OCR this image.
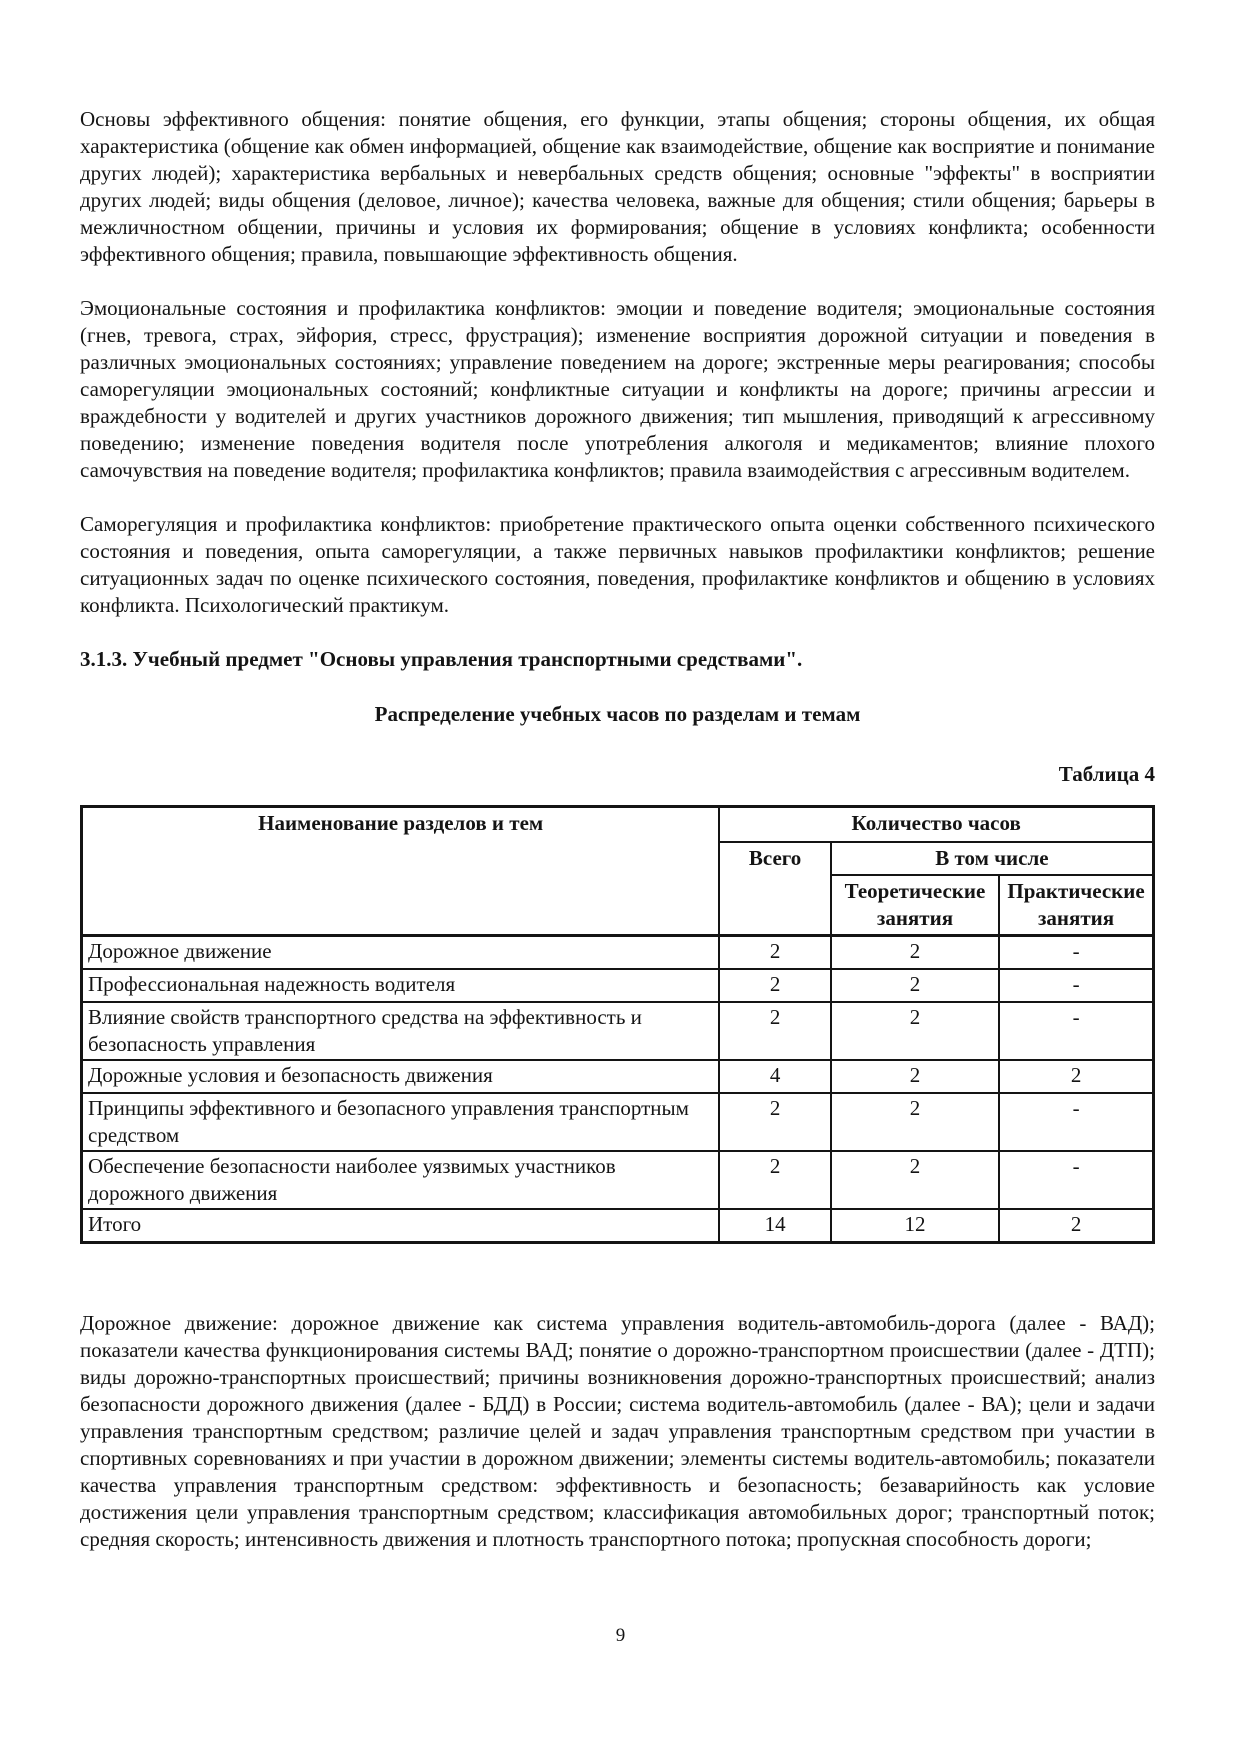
Основы эффективного общения: понятие общения, его функции, этапы общения; стороны общения, их общая характеристика (общение как обмен информацией, общение как взаимодействие, общение как восприятие и понимание других людей); характеристика вербальных и невербальных средств общения; основные "эффекты" в восприятии других людей; виды общения (деловое, личное); качества человека, важные для общения; стили общения; барьеры в межличностном общении, причины и условия их формирования; общение в условиях конфликта; особенности эффективного общения; правила, повышающие эффективность общения.

Эмоциональные состояния и профилактика конфликтов: эмоции и поведение водителя; эмоциональные состояния (гнев, тревога, страх, эйфория, стресс, фрустрация); изменение восприятия дорожной ситуации и поведения в различных эмоциональных состояниях; управление поведением на дороге; экстренные меры реагирования; способы саморегуляции эмоциональных состояний; конфликтные ситуации и конфликты на дороге; причины агрессии и враждебности у водителей и других участников дорожного движения; тип мышления, приводящий к агрессивному поведению; изменение поведения водителя после употребления алкоголя и медикаментов; влияние плохого самочувствия на поведение водителя; профилактика конфликтов; правила взаимодействия с агрессивным водителем.

Саморегуляция и профилактика конфликтов: приобретение практического опыта оценки собственного психического состояния и поведения, опыта саморегуляции, а также первичных навыков профилактики конфликтов; решение ситуационных задач по оценке психического состояния, поведения, профилактике конфликтов и общению в условиях конфликта. Психологический практикум.

3.1.3. Учебный предмет "Основы управления транспортными средствами".

Распределение учебных часов по разделам и темам

Таблица 4

Наименование разделов и тем	Количество часов		
	Всего	В том числе	
		Теоретические занятия	Практические занятия
Дорожное движение	2	2	-
Профессиональная надежность водителя	2	2	-
Влияние свойств транспортного средства на эффективность и безопасность управления	2	2	-
Дорожные условия и безопасность движения	4	2	2
Принципы эффективного и безопасного управления транспортным средством	2	2	-
Обеспечение безопасности наиболее уязвимых участников дорожного движения	2	2	-
Итого	14	12	2

Дорожное движение: дорожное движение как система управления водитель-автомобиль-дорога (далее - ВАД); показатели качества функционирования системы ВАД; понятие о дорожно-транспортном происшествии (далее - ДТП); виды дорожно-транспортных происшествий; причины возникновения дорожно-транспортных происшествий; анализ безопасности дорожного движения (далее - БДД) в России; система водитель-автомобиль (далее - ВА); цели и задачи управления транспортным средством; различие целей и задач управления транспортным средством при участии в спортивных соревнованиях и при участии в дорожном движении; элементы системы водитель-автомобиль; показатели качества управления транспортным средством: эффективность и безопасность; безаварийность как условие достижения цели управления транспортным средством; классификация автомобильных дорог; транспортный поток; средняя скорость; интенсивность движения и плотность транспортного потока; пропускная способность дороги;

9
